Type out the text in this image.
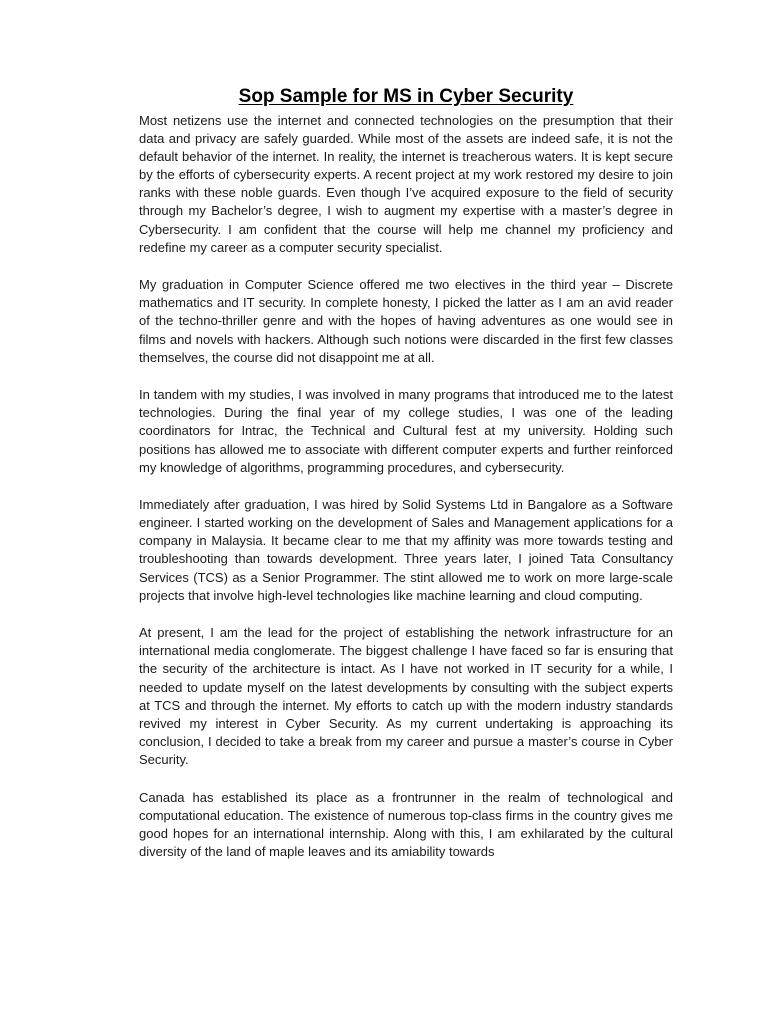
Sop Sample for MS in Cyber Security

Most netizens use the internet and connected technologies on the presumption that their data and privacy are safely guarded. While most of the assets are indeed safe, it is not the default behavior of the internet. In reality, the internet is treacherous waters. It is kept secure by the efforts of cybersecurity experts. A recent project at my work restored my desire to join ranks with these noble guards. Even though I’ve acquired exposure to the field of security through my Bachelor’s degree, I wish to augment my expertise with a master’s degree in Cybersecurity. I am confident that the course will help me channel my proficiency and redefine my career as a computer security specialist.

My graduation in Computer Science offered me two electives in the third year – Discrete mathematics and IT security. In complete honesty, I picked the latter as I am an avid reader of the techno-thriller genre and with the hopes of having adventures as one would see in films and novels with hackers. Although such notions were discarded in the first few classes themselves, the course did not disappoint me at all.

In tandem with my studies, I was involved in many programs that introduced me to the latest technologies. During the final year of my college studies, I was one of the leading coordinators for Intrac, the Technical and Cultural fest at my university. Holding such positions has allowed me to associate with different computer experts and further reinforced my knowledge of algorithms, programming procedures, and cybersecurity.

Immediately after graduation, I was hired by Solid Systems Ltd in Bangalore as a Software engineer. I started working on the development of Sales and Management applications for a company in Malaysia. It became clear to me that my affinity was more towards testing and troubleshooting than towards development. Three years later, I joined Tata Consultancy Services (TCS) as a Senior Programmer. The stint allowed me to work on more large-scale projects that involve high-level technologies like machine learning and cloud computing.

At present, I am the lead for the project of establishing the network infrastructure for an international media conglomerate. The biggest challenge I have faced so far is ensuring that the security of the architecture is intact. As I have not worked in IT security for a while, I needed to update myself on the latest developments by consulting with the subject experts at TCS and through the internet. My efforts to catch up with the modern industry standards revived my interest in Cyber Security. As my current undertaking is approaching its conclusion, I decided to take a break from my career and pursue a master’s course in Cyber Security.

Canada has established its place as a frontrunner in the realm of technological and computational education. The existence of numerous top-class firms in the country gives me good hopes for an international internship. Along with this, I am exhilarated by the cultural diversity of the land of maple leaves and its amiability towards
